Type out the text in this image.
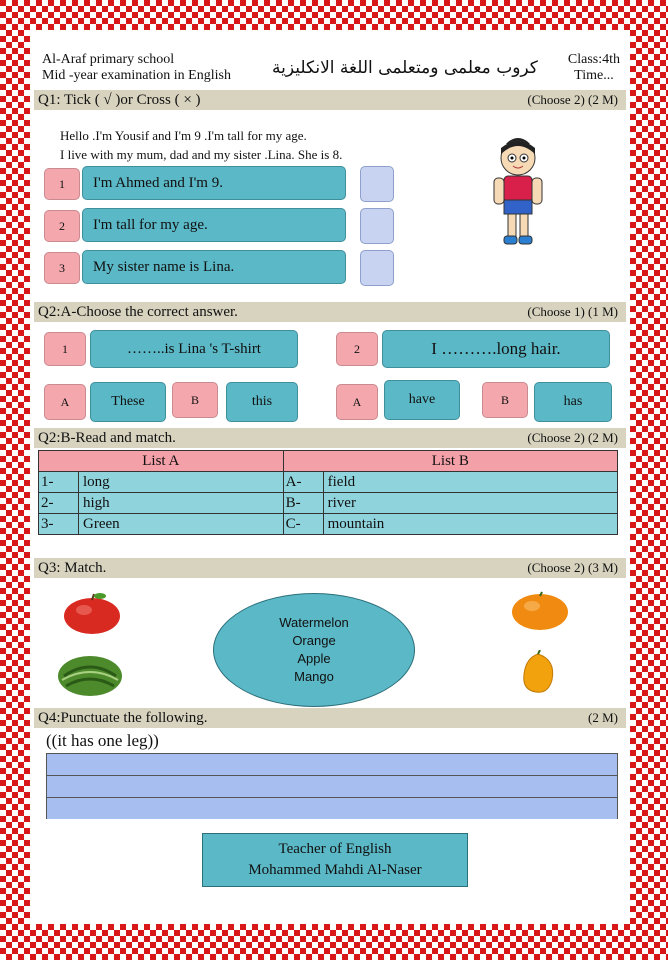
Al-Araf primary school
Mid -year examination in English كروب معلمى ومتعلمى اللغة الانكليزية Class:4th
Time...
Q1: Tick ( √ )or Cross ( × )	(Choose 2) (2 M)
Hello .I'm Yousif and I'm 9 .I'm tall for my age.
I live with my mum, dad and my sister .Lina. She is 8.
1	I'm Ahmed and I'm 9.
2	I'm tall for my age.
3	My sister name is Lina.
Q2:A-Choose the correct answer.	(Choose 1) (1 M)
1	……..is Lina 's T-shirt	2	I ……….long hair.
A	These	B	this	A	have	B	has
Q2:B-Read and match.	(Choose 2) (2 M)
List A		List B	
1-	long	A-	field
2-	high	B-	river
3-	Green	C-	mountain
Q3: Match.	(Choose 2) (3 M)
Watermelon
Orange
Apple
Mango
Q4:Punctuate the following.	(2 M)
((it has one leg))
Teacher of English
Mohammed Mahdi Al-Naser
